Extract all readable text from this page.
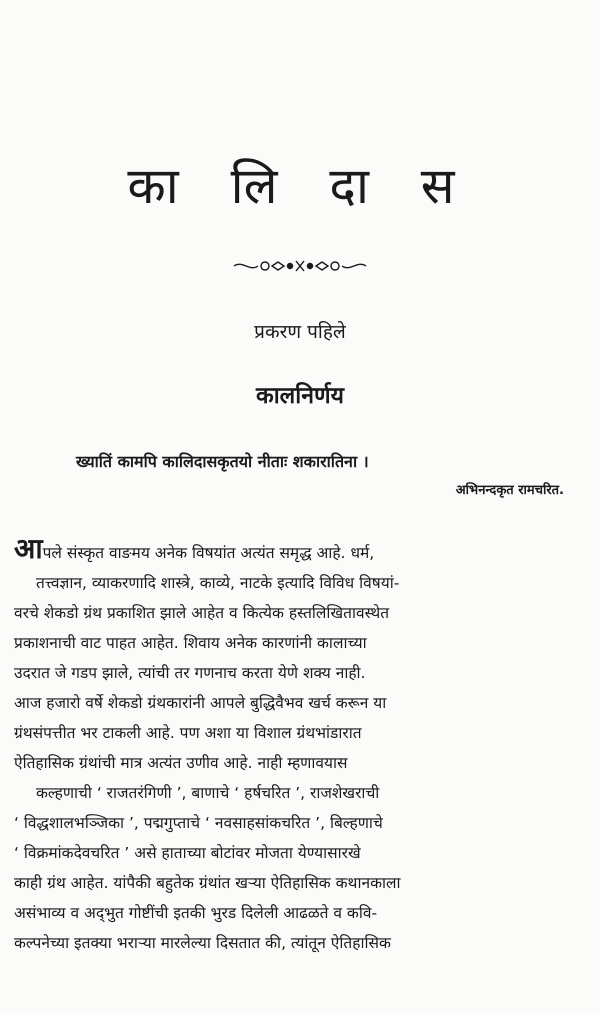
का लि दा स
प्रकरण पहिले
कालनिर्णय
ख्यातिं कामपि कालिदासकृतयो नीताः शकारातिना ।
अभिनन्दकृत रामचरित.
आपले संस्कृत वाङमय अनेक विषयांत अत्यंत समृद्ध आहे. धर्म,
तत्त्वज्ञान, व्याकरणादि शास्त्रे, काव्ये, नाटके इत्यादि विविध विषयां-
वरचे शेकडो ग्रंथ प्रकाशित झाले आहेत व कित्येक हस्तलिखितावस्थेत
प्रकाशनाची वाट पाहत आहेत. शिवाय अनेक कारणांनी कालाच्या
उदरात जे गडप झाले, त्यांची तर गणनाच करता येणे शक्य नाही.
आज हजारो वर्षे शेकडो ग्रंथकारांनी आपले बुद्धिवैभव खर्च करून या
ग्रंथसंपत्तीत भर टाकली आहे. पण अशा या विशाल ग्रंथभांडारात
ऐतिहासिक ग्रंथांची मात्र अत्यंत उणीव आहे. नाही म्हणावयास
कल्हणाची ‘ राजतरंगिणी ’, बाणाचे ‘ हर्षचरित ’, राजशेखराची
‘ विद्धशालभञ्जिका ’, पद्मगुप्ताचे ‘ नवसाहसांकचरित ’, बिल्हणाचे
‘ विक्रमांकदेवचरित ’ असे हाताच्या बोटांवर मोजता येण्यासारखे
काही ग्रंथ आहेत. यांपैकी बहुतेक ग्रंथांत खऱ्या ऐतिहासिक कथानकाला
असंभाव्य व अद्‌भुत गोष्टींची इतकी भुरड दिलेली आढळते व कवि-
कल्पनेच्या इतक्या भराऱ्या मारलेल्या दिसतात की, त्यांतून ऐतिहासिक
